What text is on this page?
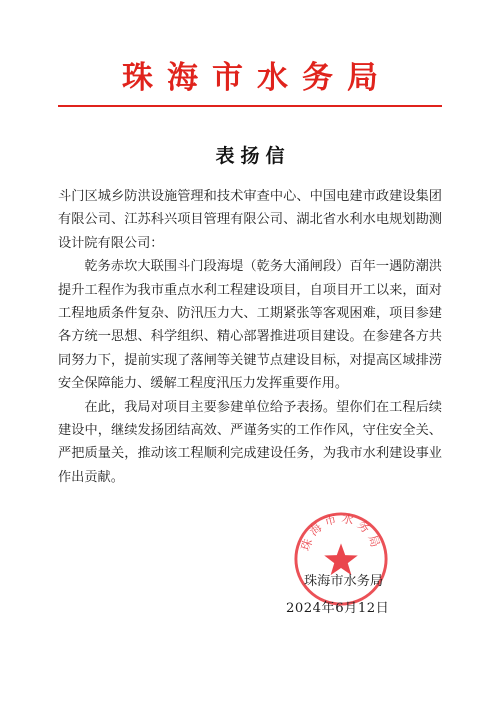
珠海市水务局
表扬信

斗门区城乡防洪设施管理和技术审查中心、中国电建市政建设集团有限公司、江苏科兴项目管理有限公司、湖北省水利水电规划勘测设计院有限公司：

乾务赤坎大联围斗门段海堤（乾务大涌闸段）百年一遇防潮洪提升工程作为我市重点水利工程建设项目，自项目开工以来，面对工程地质条件复杂、防汛压力大、工期紧张等客观困难，项目参建各方统一思想、科学组织、精心部署推进项目建设。在参建各方共同努力下，提前实现了落闸等关键节点建设目标，对提高区域排涝安全保障能力、缓解工程度汛压力发挥重要作用。

在此，我局对项目主要参建单位给予表扬。望你们在工程后续建设中，继续发扬团结高效、严谨务实的工作作风，守住安全关、严把质量关，推动该工程顺利完成建设任务，为我市水利建设事业作出贡献。

珠海市水务局
珠海市水务局
2024年6月12日
